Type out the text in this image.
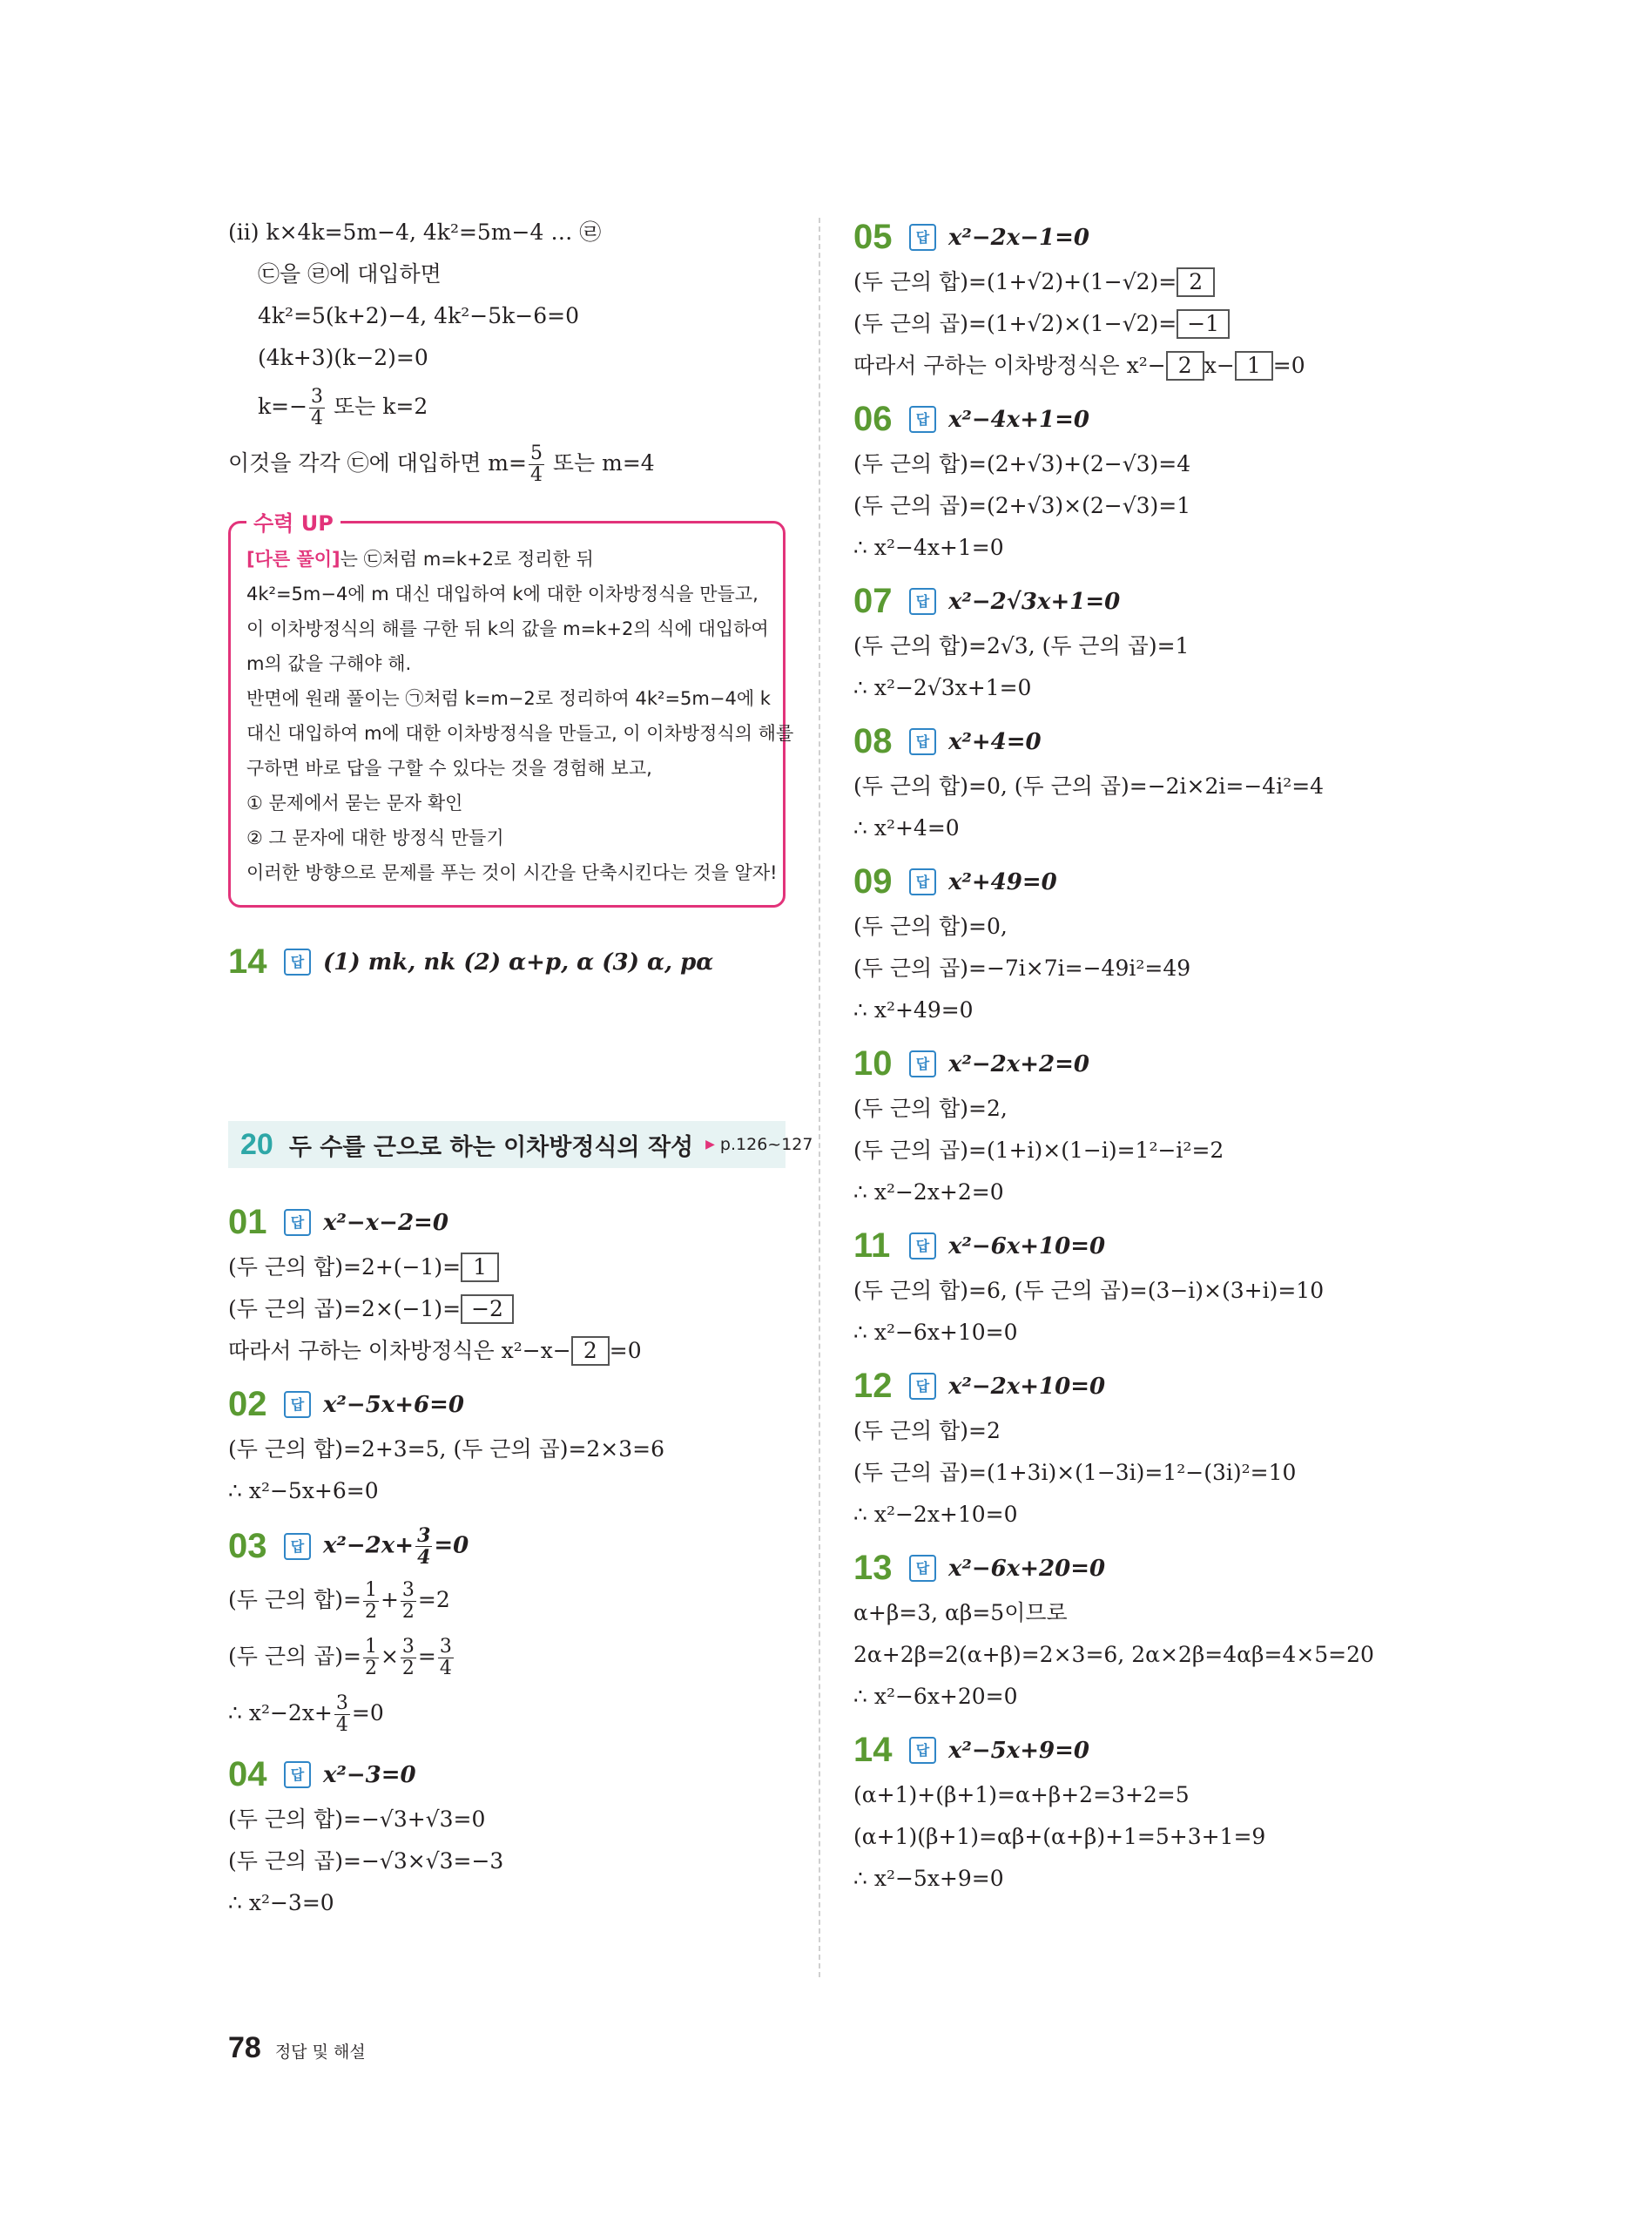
(ii) k×4k=5m−4, 4k²=5m−4 … ㉣
㉢을 ㉣에 대입하면
4k²=5(k+2)−4, 4k²−5k−6=0
(4k+3)(k−2)=0
$k=- \frac{3}{4}$ 또는 k=2
이것을 각각 ㉢에 대입하면 $m= \frac{5}{4}$ 또는 m=4
수력 UP
[다른 풀이]는 ㉢처럼 m=k+2로 정리한 뒤
4k²=5m−4에 m 대신 대입하여 k에 대한 이차방정식을 만들고,
이 이차방정식의 해를 구한 뒤 k의 값을 m=k+2의 식에 대입하여
m의 값을 구해야 해.
반면에 원래 풀이는 ㉠처럼 k=m−2로 정리하여 4k²=5m−4에 k
대신 대입하여 m에 대한 이차방정식을 만들고, 이 이차방정식의 해를
구하면 바로 답을 구할 수 있다는 것을 경험해 보고,
① 문제에서 묻는 문자 확인
② 그 문자에 대한 방정식 만들기
이러한 방향으로 문제를 푸는 것이 시간을 단축시킨다는 것을 알자!
14	답 (1) mk, nk (2) α+p, α (3) α, pα
20 두 수를 근으로 하는 이차방정식의 작성 ▶ p.126~127
01	답 x²−x−2=0
(두 근의 합)=2+(−1)= 1
(두 근의 곱)=2×(−1)= −2
따라서 구하는 이차방정식은 x²−x− 2 =0
02	답 x²−5x+6=0
(두 근의 합)=2+3=5, (두 근의 곱)=2×3=6
∴ x²−5x+6=0
03	답 $x^2-2x+ \frac{3}{4} =0$
(두 근의 합)= $\frac{1}{2} + \frac{3}{2} =2$
(두 근의 곱)= $\frac{1}{2} \times \frac{3}{2} = \frac{3}{4}$
∴ $x^2-2x+ \frac{3}{4} =0$
04	답 x²−3=0
(두 근의 합)=−√3+√3=0
(두 근의 곱)=−√3×√3=−3
∴ x²−3=0
05	답 x²−2x−1=0
(두 근의 합)=(1+√2)+(1−√2)= 2
(두 근의 곱)=(1+√2)×(1−√2)= −1
따라서 구하는 이차방정식은 x²− 2 x− 1 =0
06	답 x²−4x+1=0
(두 근의 합)=(2+√3)+(2−√3)=4
(두 근의 곱)=(2+√3)×(2−√3)=1
∴ x²−4x+1=0
07	답 x²−2√3x+1=0
(두 근의 합)=2√3, (두 근의 곱)=1
∴ x²−2√3x+1=0
08	답 x²+4=0
(두 근의 합)=0, (두 근의 곱)=−2i×2i=−4i²=4
∴ x²+4=0
09	답 x²+49=0
(두 근의 합)=0,
(두 근의 곱)=−7i×7i=−49i²=49
∴ x²+49=0
10	답 x²−2x+2=0
(두 근의 합)=2,
(두 근의 곱)=(1+i)×(1−i)=1²−i²=2
∴ x²−2x+2=0
11	답 x²−6x+10=0
(두 근의 합)=6, (두 근의 곱)=(3−i)×(3+i)=10
∴ x²−6x+10=0
12	답 x²−2x+10=0
(두 근의 합)=2
(두 근의 곱)=(1+3i)×(1−3i)=1²−(3i)²=10
∴ x²−2x+10=0
13	답 x²−6x+20=0
α+β=3, αβ=5이므로
2α+2β=2(α+β)=2×3=6, 2α×2β=4αβ=4×5=20
∴ x²−6x+20=0
14	답 x²−5x+9=0
(α+1)+(β+1)=α+β+2=3+2=5
(α+1)(β+1)=αβ+(α+β)+1=5+3+1=9
∴ x²−5x+9=0
78 정답 및 해설
